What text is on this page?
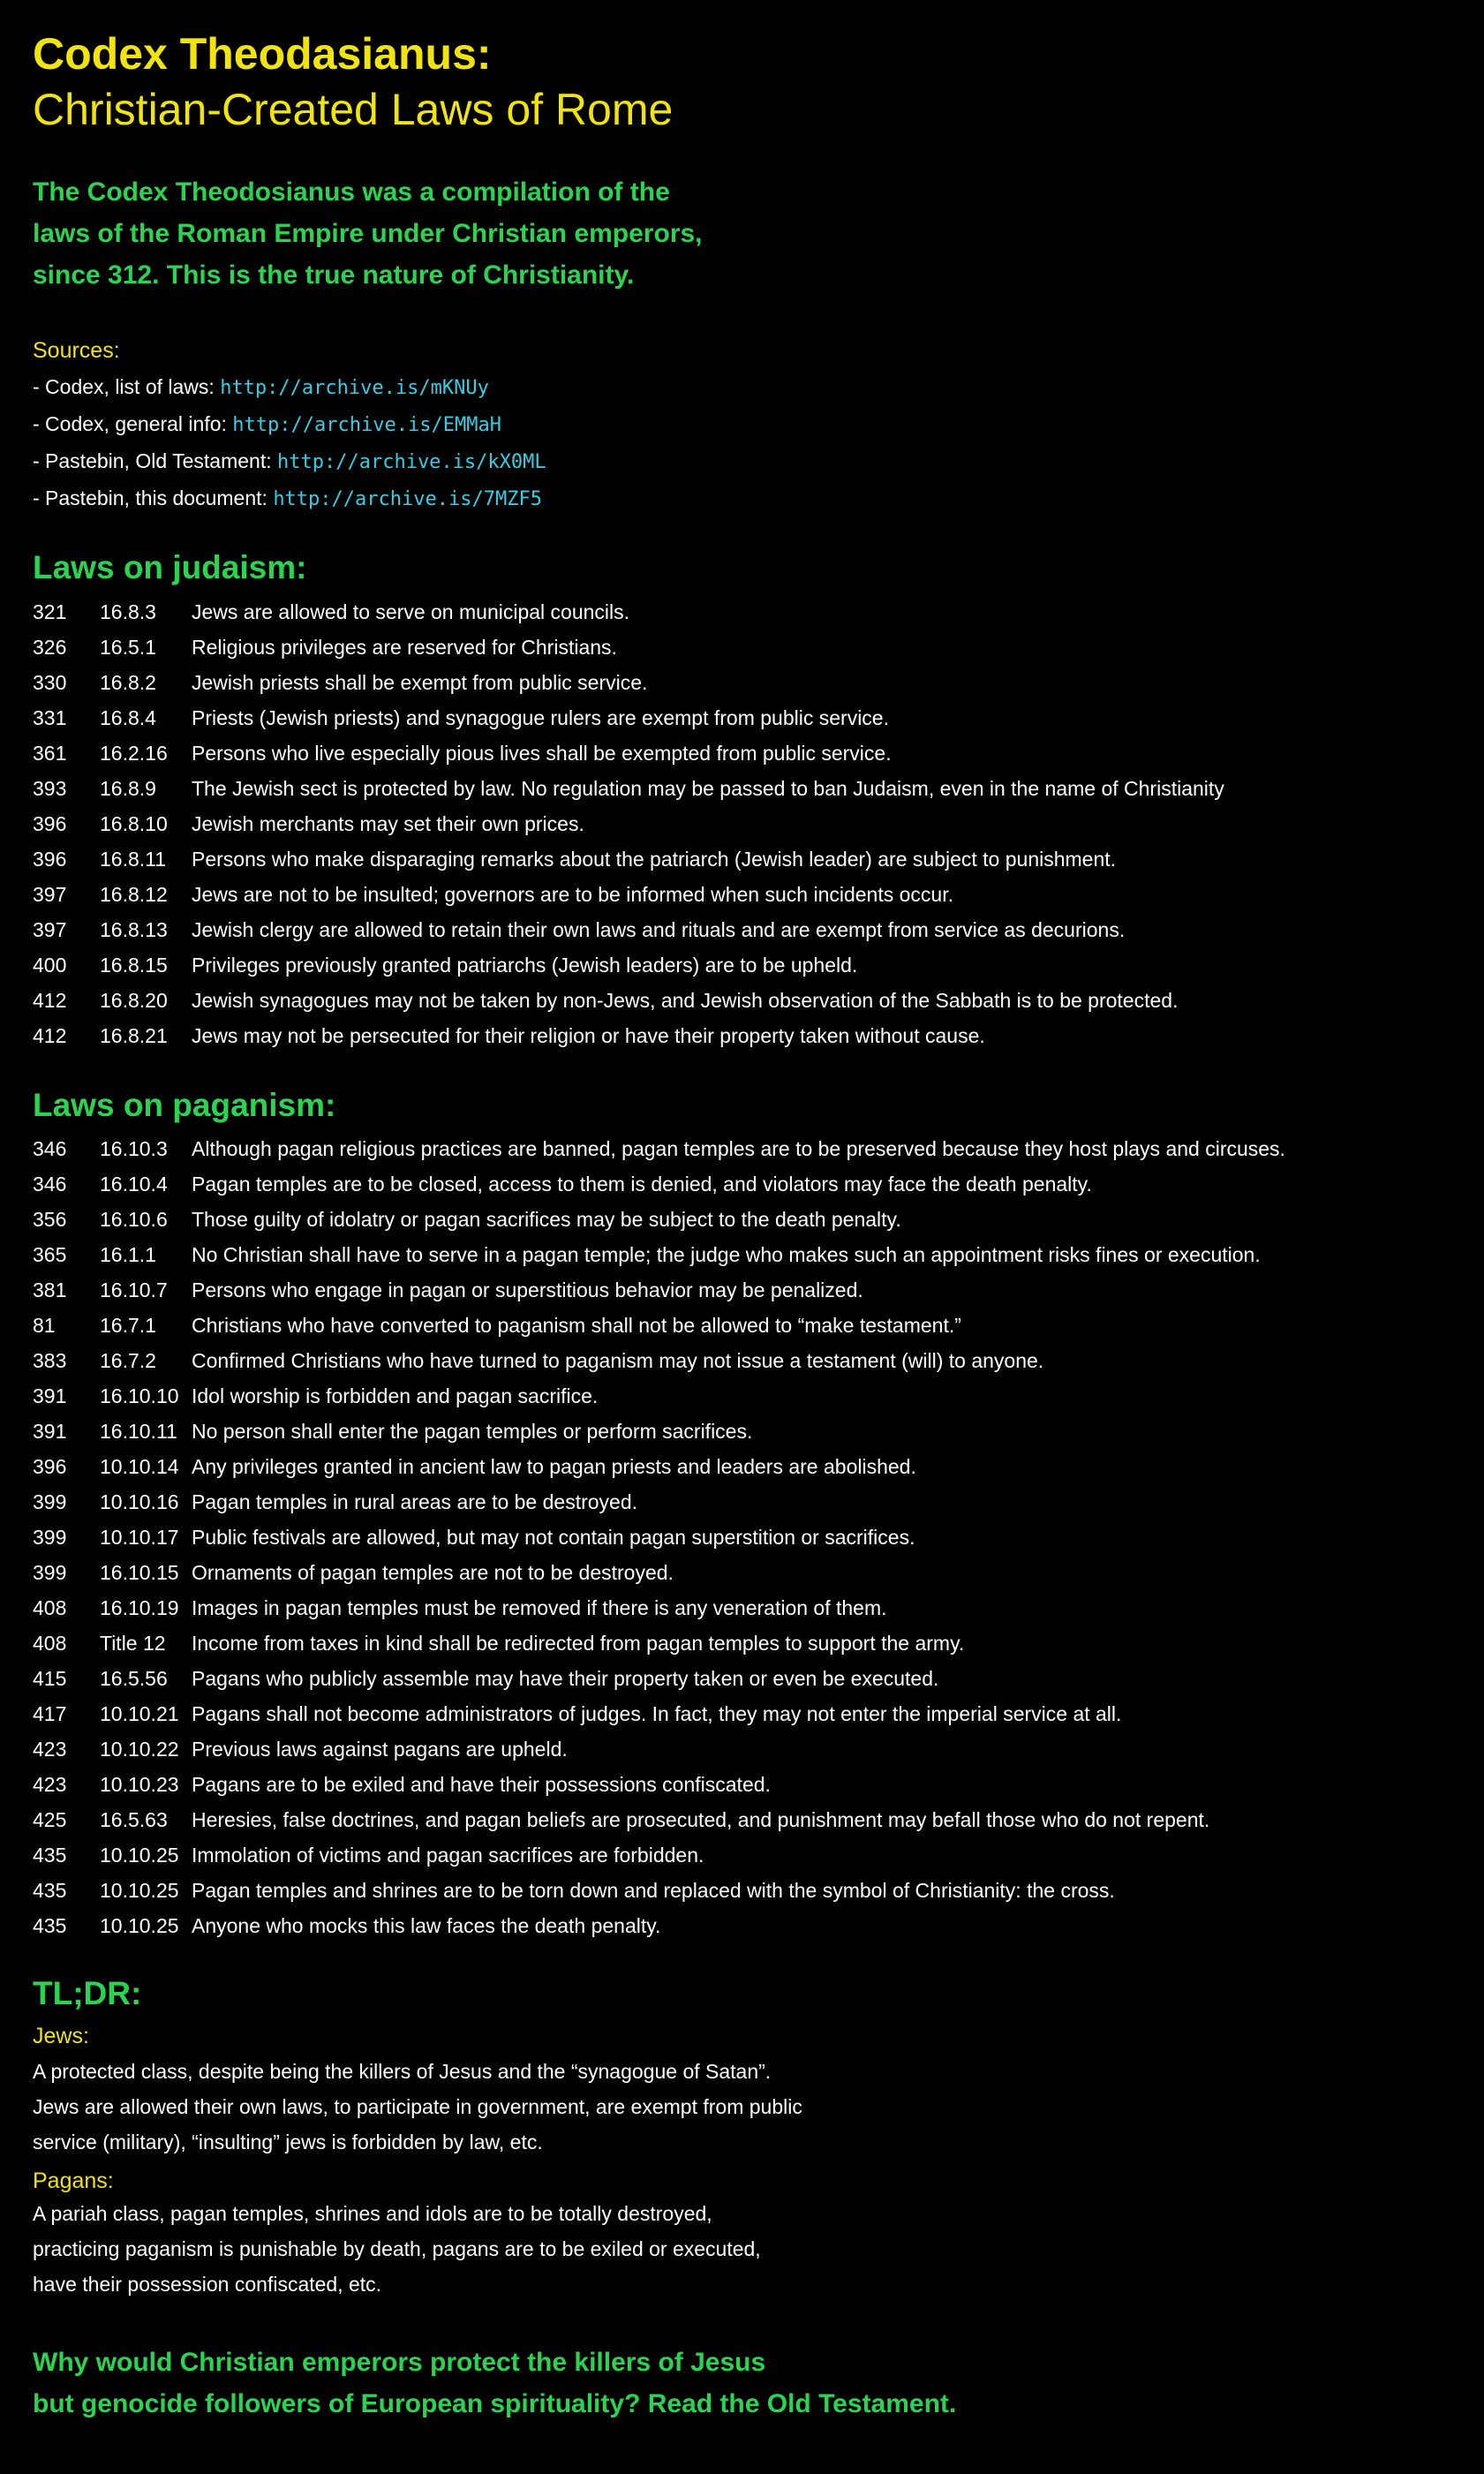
Codex Theodasianus:
Christian-Created Laws of Rome
The Codex Theodosianus was a compilation of the
laws of the Roman Empire under Christian emperors,
since 312. This is the true nature of Christianity.
Sources:
- Codex, list of laws: http://archive.is/mKNUy
- Codex, general info: http://archive.is/EMMaH
- Pastebin, Old Testament: http://archive.is/kX0ML
- Pastebin, this document: http://archive.is/7MZF5
Laws on judaism:
321	16.8.3	Jews are allowed to serve on municipal councils.
326	16.5.1	Religious privileges are reserved for Christians.
330	16.8.2	Jewish priests shall be exempt from public service.
331	16.8.4	Priests (Jewish priests) and synagogue rulers are exempt from public service.
361	16.2.16	Persons who live especially pious lives shall be exempted from public service.
393	16.8.9	The Jewish sect is protected by law. No regulation may be passed to ban Judaism, even in the name of Christianity
396	16.8.10	Jewish merchants may set their own prices.
396	16.8.11	Persons who make disparaging remarks about the patriarch (Jewish leader) are subject to punishment.
397	16.8.12	Jews are not to be insulted; governors are to be informed when such incidents occur.
397	16.8.13	Jewish clergy are allowed to retain their own laws and rituals and are exempt from service as decurions.
400	16.8.15	Privileges previously granted patriarchs (Jewish leaders) are to be upheld.
412	16.8.20	Jewish synagogues may not be taken by non-Jews, and Jewish observation of the Sabbath is to be protected.
412	16.8.21	Jews may not be persecuted for their religion or have their property taken without cause.
Laws on paganism:
346	16.10.3	Although pagan religious practices are banned, pagan temples are to be preserved because they host plays and circuses.
346	16.10.4	Pagan temples are to be closed, access to them is denied, and violators may face the death penalty.
356	16.10.6	Those guilty of idolatry or pagan sacrifices may be subject to the death penalty.
365	16.1.1	No Christian shall have to serve in a pagan temple; the judge who makes such an appointment risks fines or execution.
381	16.10.7	Persons who engage in pagan or superstitious behavior may be penalized.
81	16.7.1	Christians who have converted to paganism shall not be allowed to “make testament.”
383	16.7.2	Confirmed Christians who have turned to paganism may not issue a testament (will) to anyone.
391	16.10.10 Idol worship is forbidden and pagan sacrifice.
391	16.10.11 No person shall enter the pagan temples or perform sacrifices.
396	10.10.14 Any privileges granted in ancient law to pagan priests and leaders are abolished.
399	10.10.16 Pagan temples in rural areas are to be destroyed.
399	10.10.17 Public festivals are allowed, but may not contain pagan superstition or sacrifices.
399	16.10.15 Ornaments of pagan temples are not to be destroyed.
408	16.10.19 Images in pagan temples must be removed if there is any veneration of them.
408	Title 12	Income from taxes in kind shall be redirected from pagan temples to support the army.
415	16.5.56	Pagans who publicly assemble may have their property taken or even be executed.
417	10.10.21 Pagans shall not become administrators of judges. In fact, they may not enter the imperial service at all.
423	10.10.22 Previous laws against pagans are upheld.
423	10.10.23 Pagans are to be exiled and have their possessions confiscated.
425	16.5.63	Heresies, false doctrines, and pagan beliefs are prosecuted, and punishment may befall those who do not repent.
435	10.10.25 Immolation of victims and pagan sacrifices are forbidden.
435	10.10.25 Pagan temples and shrines are to be torn down and replaced with the symbol of Christianity: the cross.
435	10.10.25 Anyone who mocks this law faces the death penalty.
TL;DR:
Jews:
A protected class, despite being the killers of Jesus and the “synagogue of Satan”.
Jews are allowed their own laws, to participate in government, are exempt from public
service (military), “insulting” jews is forbidden by law, etc.
Pagans:
A pariah class, pagan temples, shrines and idols are to be totally destroyed,
practicing paganism is punishable by death, pagans are to be exiled or executed,
have their possession confiscated, etc.
Why would Christian emperors protect the killers of Jesus
but genocide followers of European spirituality? Read the Old Testament.
